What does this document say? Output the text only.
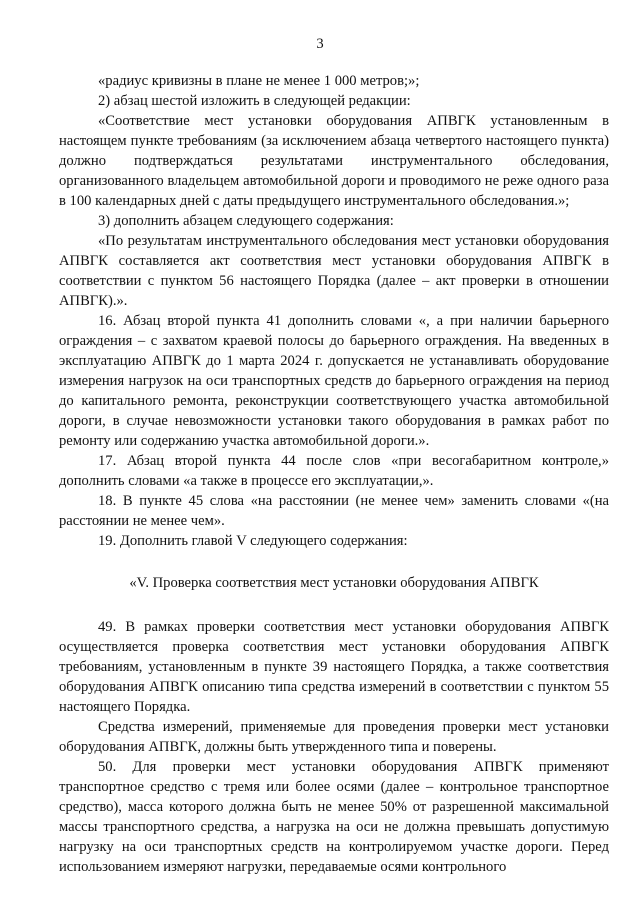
3

«радиус кривизны в плане не менее 1 000 метров;»;

2) абзац шестой изложить в следующей редакции:

«Соответствие мест установки оборудования АПВГК установленным в настоящем пункте требованиям (за исключением абзаца четвертого настоящего пункта) должно подтверждаться результатами инструментального обследования, организованного владельцем автомобильной дороги и проводимого не реже одного раза в 100 календарных дней с даты предыдущего инструментального обследования.»;

3) дополнить абзацем следующего содержания:

«По результатам инструментального обследования мест установки оборудования АПВГК составляется акт соответствия мест установки оборудования АПВГК в соответствии с пунктом 56 настоящего Порядка (далее – акт проверки в отношении АПВГК).».

16. Абзац второй пункта 41 дополнить словами «, а при наличии барьерного ограждения – с захватом краевой полосы до барьерного ограждения. На введенных в эксплуатацию АПВГК до 1 марта 2024 г. допускается не устанавливать оборудование измерения нагрузок на оси транспортных средств до барьерного ограждения на период до капитального ремонта, реконструкции соответствующего участка автомобильной дороги, в случае невозможности установки такого оборудования в рамках работ по ремонту или содержанию участка автомобильной дороги.».

17. Абзац второй пункта 44 после слов «при весогабаритном контроле,» дополнить словами «а также в процессе его эксплуатации,».

18. В пункте 45 слова «на расстоянии (не менее чем» заменить словами «(на расстоянии не менее чем».

19. Дополнить главой V следующего содержания:

«V. Проверка соответствия мест установки оборудования АПВГК

49. В рамках проверки соответствия мест установки оборудования АПВГК осуществляется проверка соответствия мест установки оборудования АПВГК требованиям, установленным в пункте 39 настоящего Порядка, а также соответствия оборудования АПВГК описанию типа средства измерений в соответствии с пунктом 55 настоящего Порядка.

Средства измерений, применяемые для проведения проверки мест установки оборудования АПВГК, должны быть утвержденного типа и поверены.

50. Для проверки мест установки оборудования АПВГК применяют транспортное средство с тремя или более осями (далее – контрольное транспортное средство), масса которого должна быть не менее 50% от разрешенной максимальной массы транспортного средства, а нагрузка на оси не должна превышать допустимую нагрузку на оси транспортных средств на контролируемом участке дороги. Перед использованием измеряют нагрузки, передаваемые осями контрольного
